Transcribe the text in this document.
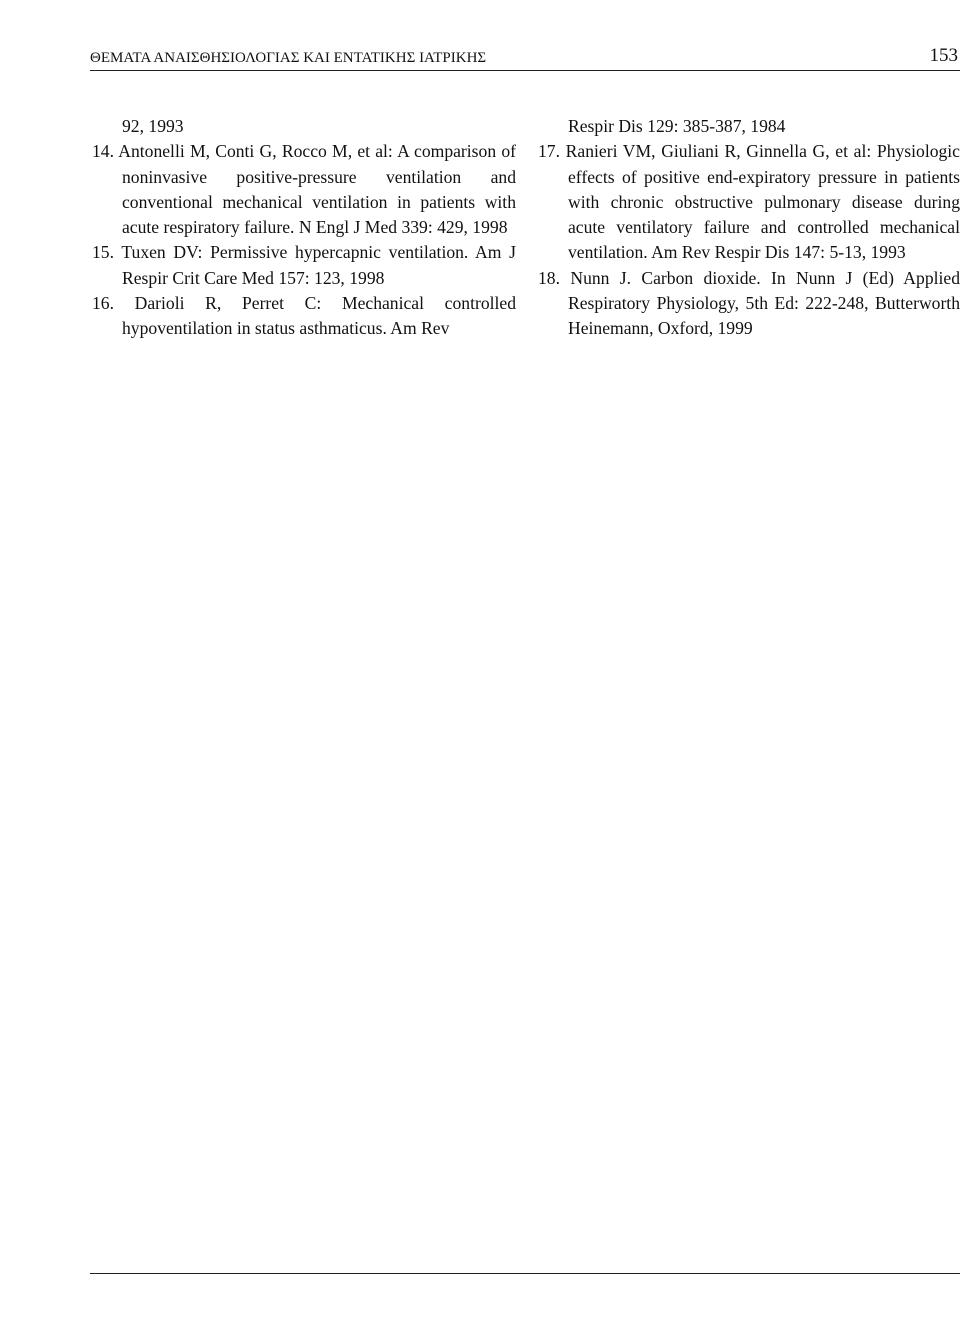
ΘΕΜΑΤΑ ΑΝΑΙΣΘΗΣΙΟΛΟΓΙΑΣ ΚΑΙ ΕΝΤΑΤΙΚΗΣ ΙΑΤΡΙΚΗΣ	153

92, 1993

14. Antonelli M, Conti G, Rocco M, et al: A comparison of noninvasive positive-pressure ventilation and conventional mechanical ventilation in patients with acute respiratory failure. N Engl J Med 339: 429, 1998

15. Tuxen DV: Permissive hypercapnic ventilation. Am J Respir Crit Care Med 157: 123, 1998

16. Darioli R, Perret C: Mechanical controlled hypoventilation in status asthmaticus. Am Rev

Respir Dis 129: 385-387, 1984

17. Ranieri VM, Giuliani R, Ginnella G, et al: Physiologic effects of positive end-expiratory pressure in patients with chronic obstructive pulmonary disease during acute ventilatory failure and controlled mechanical ventilation. Am Rev Respir Dis 147: 5-13, 1993

18. Nunn J. Carbon dioxide. In Nunn J (Ed) Applied Respiratory Physiology, 5th Ed: 222-248, Butterworth Heinemann, Oxford, 1999
